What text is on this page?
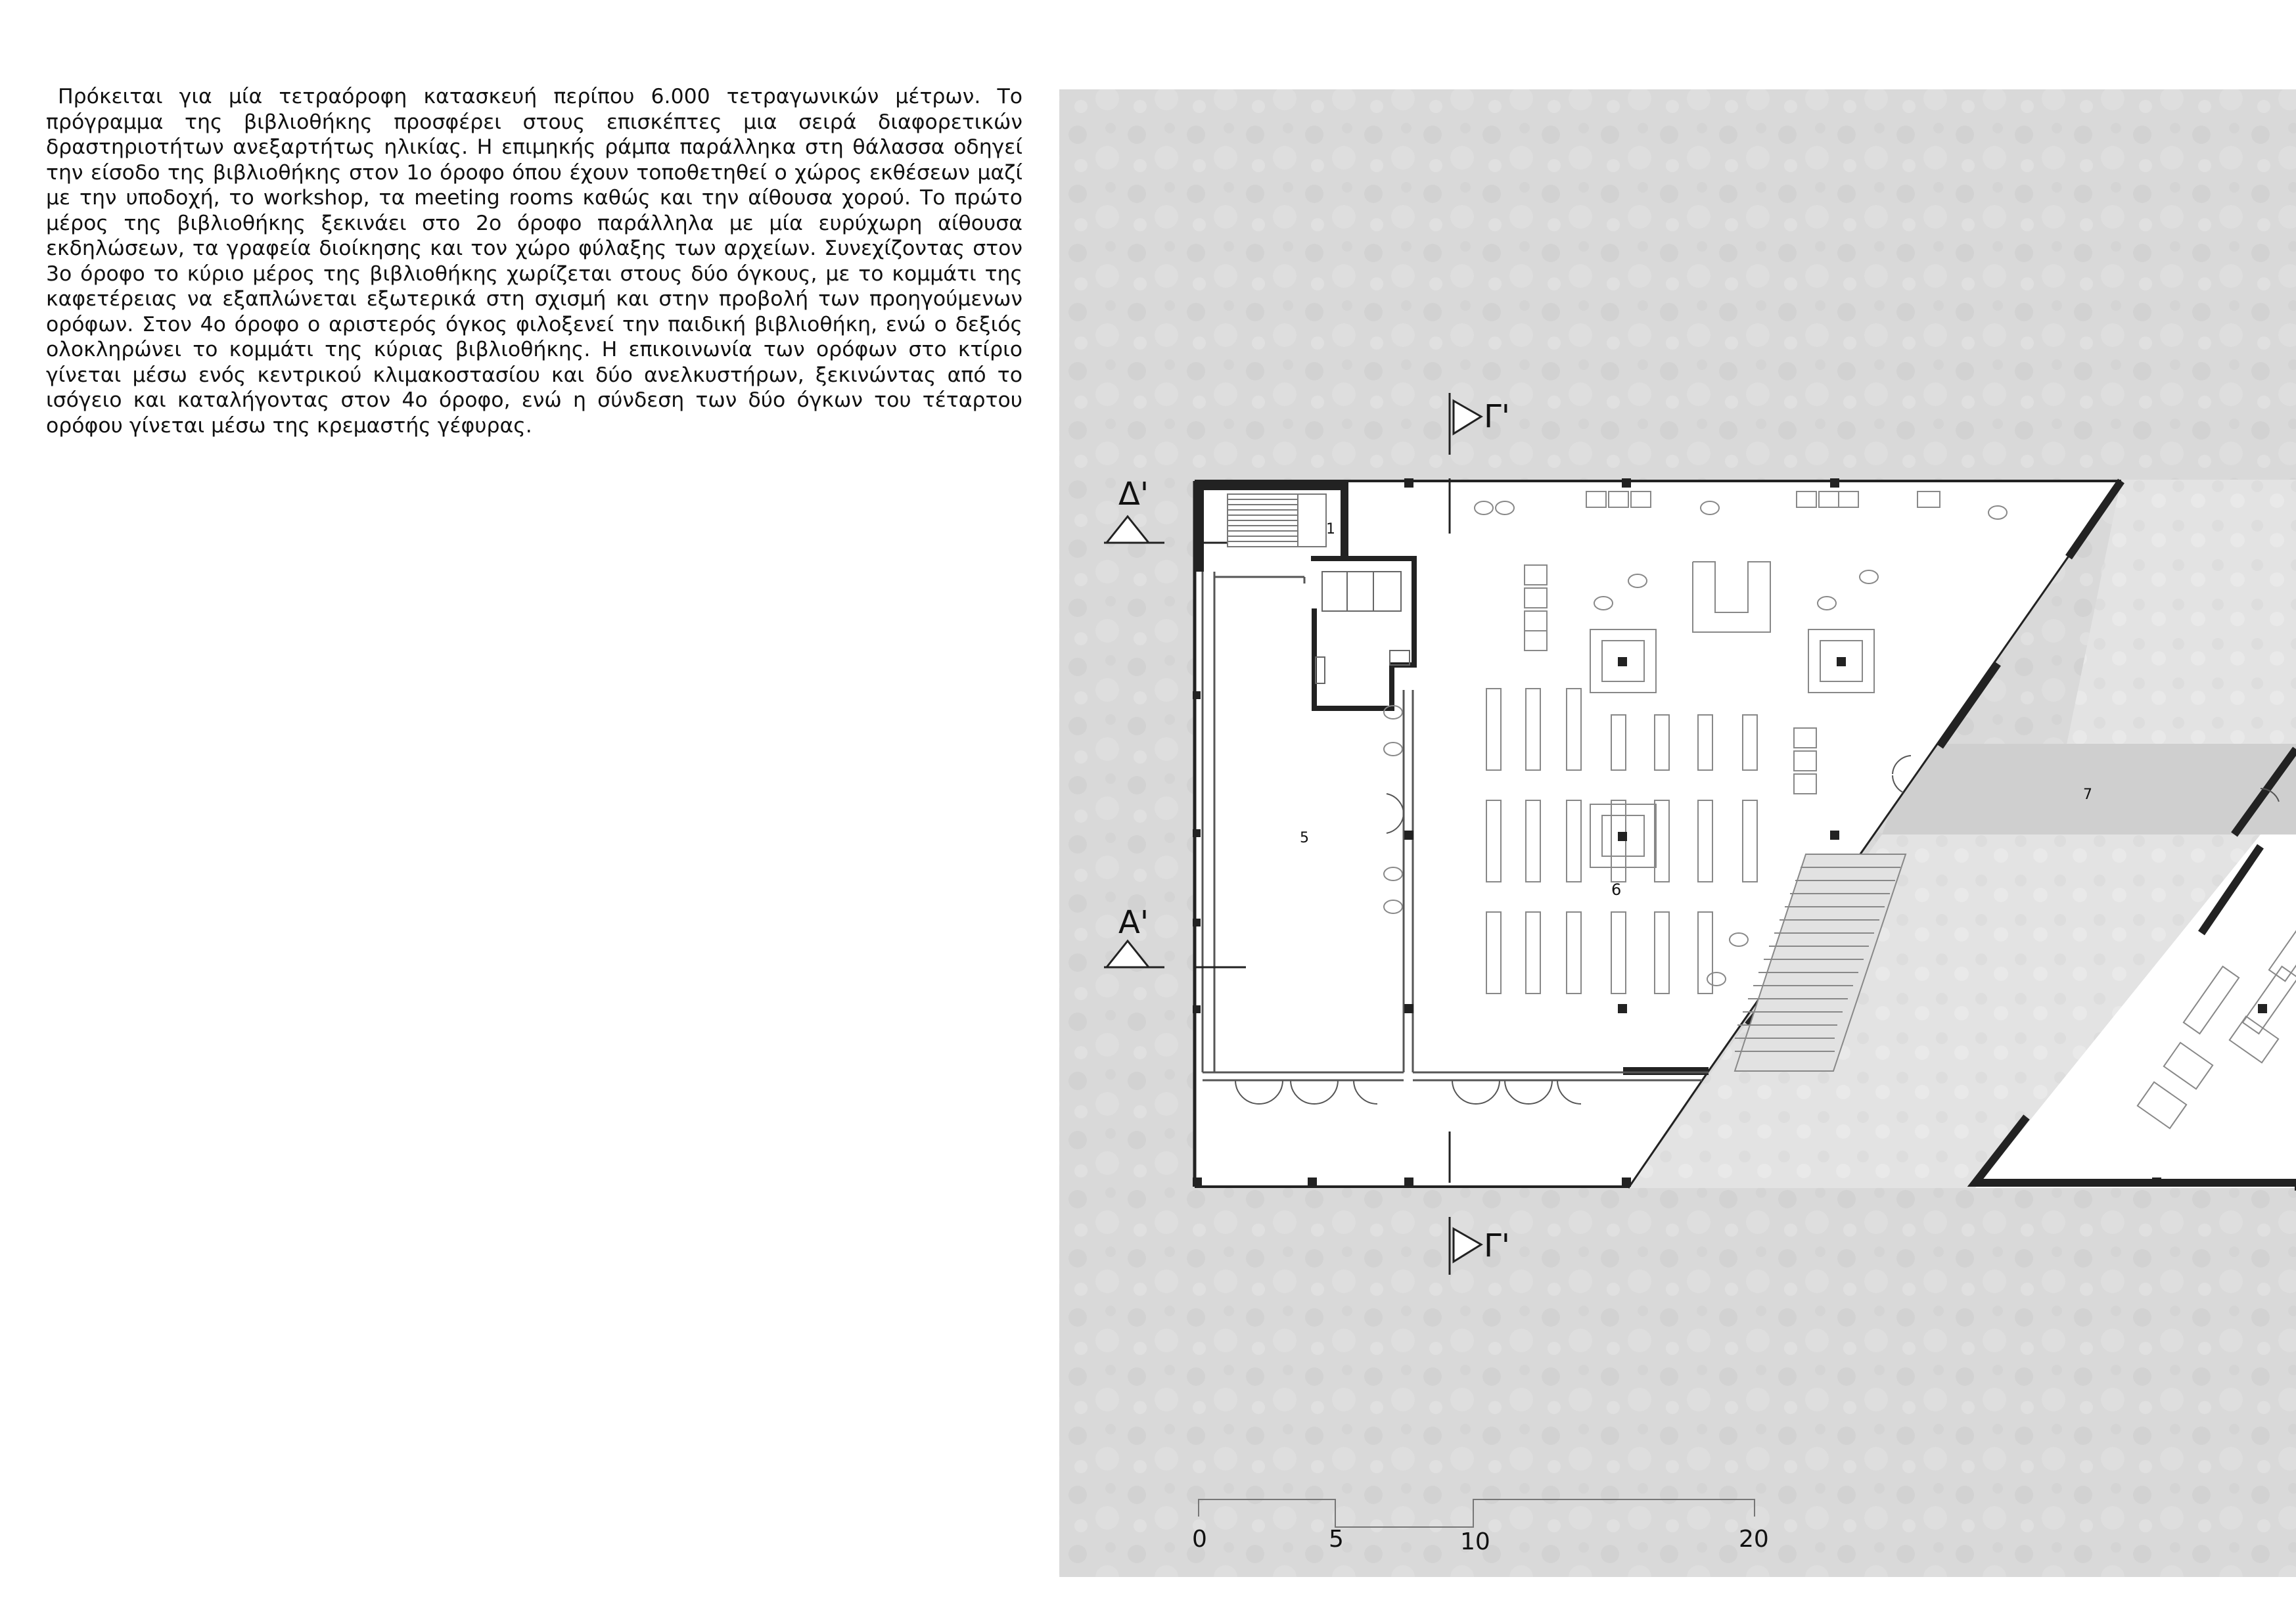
Πρόκειται για μία τετραόροφη κατασκευή περίπου 6.000 τετραγωνικών μέτρων. Το πρόγραμμα της βιβλιοθήκης προσφέρει στους επισκέπτες μια σειρά διαφορετικών δραστηριοτήτων ανεξαρτήτως ηλικίας. Η επιμηκής ράμπα παράλληκα στη θάλασσα οδηγεί την είσοδο της βιβλιοθήκης στον 1ο όροφο όπου έχουν τοποθετηθεί ο χώρος εκθέσεων μαζί με την υποδοχή, το workshop, τα meeting rooms καθώς και την αίθουσα χορού. Το πρώτο μέρος της βιβλιοθήκης ξεκινάει στο 2ο όροφο παράλληλα με μία ευρύχωρη αίθουσα εκδηλώσεων, τα γραφεία διοίκησης και τον χώρο φύλαξης των αρχείων. Συνεχίζοντας στον 3ο όροφο το κύριο μέρος της βιβλιοθήκης χωρίζεται στους δύο όγκους, με το κομμάτι της καφετέρειας να εξαπλώνεται εξωτερικά στη σχισμή και στην προβολή των προηγούμενων ορόφων. Στον 4ο όροφο ο αριστερός όγκος φιλοξενεί την παιδική βιβλιοθήκη, ενώ ο δεξιός ολοκληρώνει το κομμάτι της κύριας βιβλιοθήκης. Η επικοινωνία των ορόφων στο κτίριο γίνεται μέσω ενός κεντρικού κλιμακοστασίου και δύο ανελκυστήρων, ξεκινώντας από το ισόγειο και καταλήγοντας στον 4ο όροφο, ενώ η σύνδεση των δύο όγκων του τέταρτου ορόφου γίνεται μέσω της κρεμαστής γέφυρας.

1
5
6
7
Γ'
Γ'
Δ'
Α'
0	5	10	20
